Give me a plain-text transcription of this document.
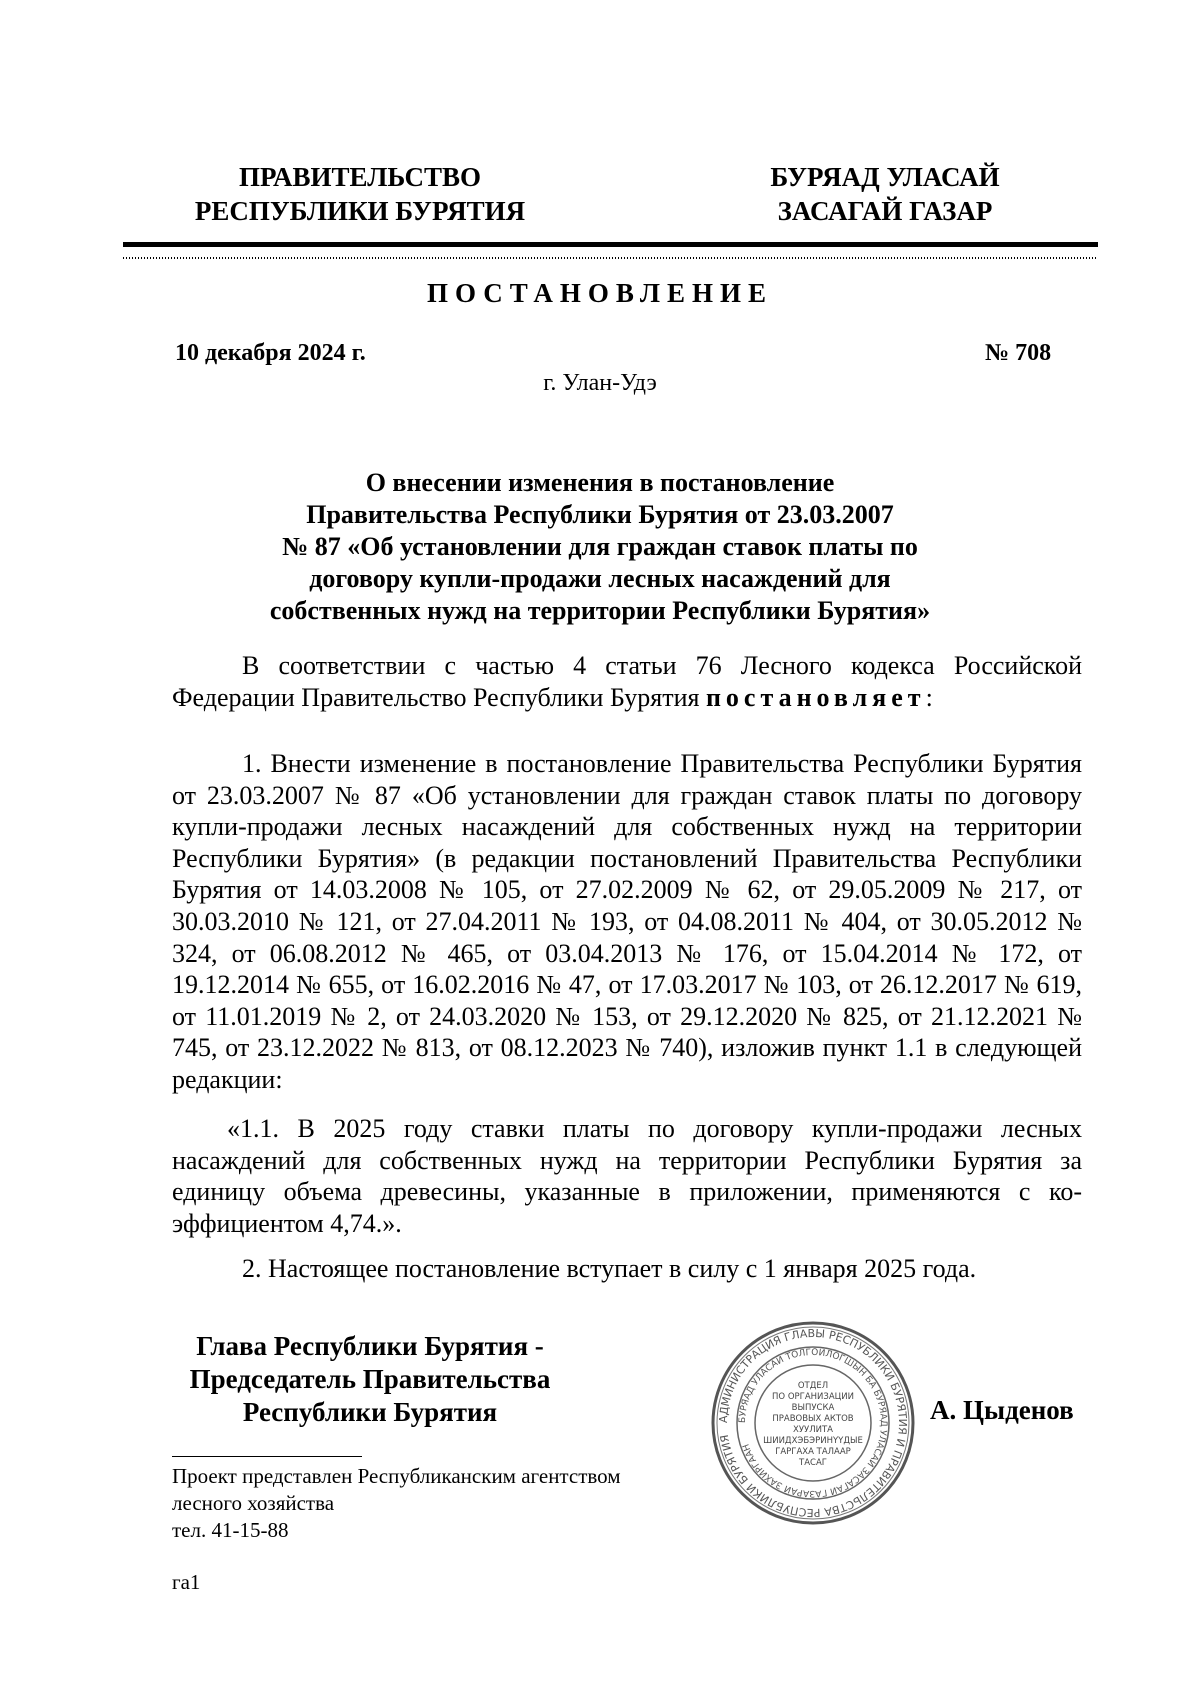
ПРАВИТЕЛЬСТВО
РЕСПУБЛИКИ БУРЯТИЯ
БУРЯАД УЛАСАЙ
ЗАСАГАЙ ГАЗАР
ПОСТАНОВЛЕНИЕ
10 декабря 2024 г.	№ 708
г. Улан-Удэ
О внесении изменения в постановление
Правительства Республики Бурятия от 23.03.2007
№ 87 «Об установлении для граждан ставок платы по
договору купли-продажи лесных насаждений для
собственных нужд на территории Республики Бурятия»
В соответствии с частью 4 статьи 76 Лесного кодекса Российской Федерации Правительство Республики Бурятия постановляет:
1. Внести изменение в постановление Правительства Республики Бурятия от 23.03.2007 № 87 «Об установлении для граждан ставок платы по договору купли-продажи лесных насаждений для собственных нужд на территории Республики Бурятия» (в редакции постановлений Правительства Республики Бурятия от 14.03.2008 № 105, от 27.02.2009 № 62, от 29.05.2009 № 217, от 30.03.2010 № 121, от 27.04.2011 № 193, от 04.08.2011 № 404, от 30.05.2012 № 324, от 06.08.2012 № 465, от 03.04.2013 № 176, от 15.04.2014 № 172, от 19.12.2014 № 655, от 16.02.2016 № 47, от 17.03.2017 № 103, от 26.12.2017 № 619, от 11.01.2019 № 2, от 24.03.2020 № 153, от 29.12.2020 № 825, от 21.12.2021 № 745, от 23.12.2022 № 813, от 08.12.2023 № 740), изложив пункт 1.1 в следующей редакции:
«1.1. В 2025 году ставки платы по договору купли-продажи лесных насаждений для собственных нужд на территории Республики Бурятия за единицу объема древесины, указанные в приложении, применяются с коэффициентом 4,74.».
2. Настоящее постановление вступает в силу с 1 января 2025 года.
Глава Республики Бурятия -
Председатель Правительства
Республики Бурятия	АДМИНИСТРАЦИЯ ГЛАВЫ РЕСПУБЛИКИ БУРЯТИЯ И ПРАВИТЕЛЬСТВА РЕСПУБЛИКИ БУРЯТИЯ
БУРЯАД УЛАСАЙ ТОЛГОЙЛОГШЫН БА БУРЯАД УЛАСАЙ ЗАСАГАЙ ГАЗАРАЙ ЗАХИРГААН
ОТДЕЛ
ПО ОРГАНИЗАЦИИ
ВЫПУСКА
ПРАВОВЫХ АКТОВ
ХУУЛИТА
ШИИДХЭБЭРИНҮҮДЫЕ
ГАРГАХА ТАЛААР
ТАСАГ
А. Цыденов
Проект представлен Республиканским агентством
лесного хозяйства
тел. 41-15-88
га1
